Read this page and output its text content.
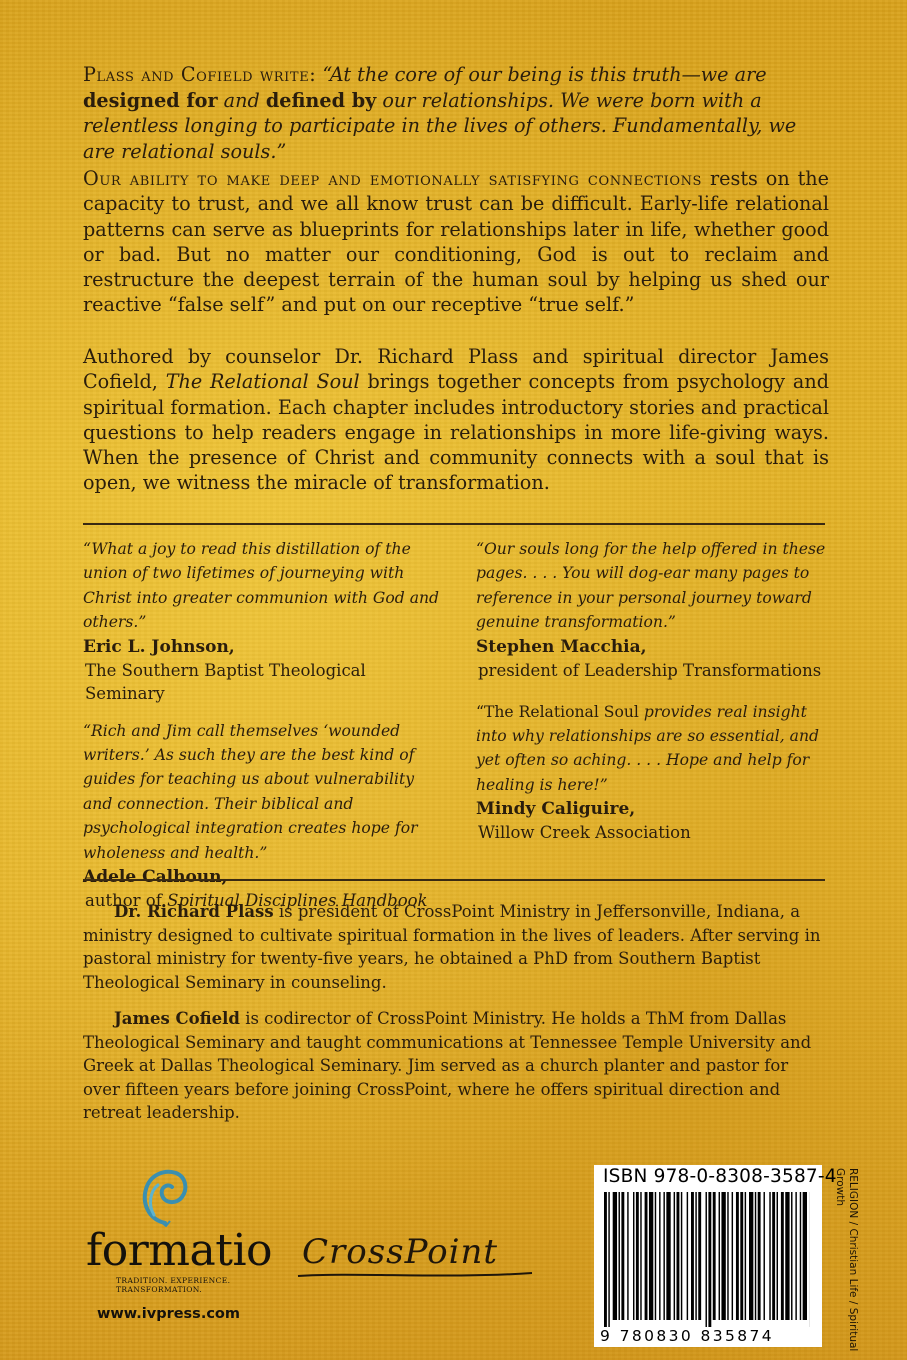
Plass and Cofield write: “At the core of our being is this truth—we are designed for and defined by our relationships. We were born with a relentless longing to participate in the lives of others. Fundamentally, we are relational souls.”

Our ability to make deep and emotionally satisfying connections rests on the capacity to trust, and we all know trust can be difficult. Early-life relational patterns can serve as blueprints for relationships later in life, whether good or bad. But no matter our conditioning, God is out to reclaim and restructure the deepest terrain of the human soul by helping us shed our reactive “false self” and put on our receptive “true self.”

Authored by counselor Dr. Richard Plass and spiritual director James Cofield, The Relational Soul brings together concepts from psychology and spiritual formation. Each chapter includes introductory stories and practical questions to help readers engage in relationships in more life-giving ways. When the presence of Christ and community connects with a soul that is open, we witness the miracle of transformation.

“What a joy to read this distillation of the union of two lifetimes of journeying with Christ into greater communion with God and others.”

Eric L. Johnson,
The Southern Baptist Theological Seminary

“Rich and Jim call themselves ‘wounded writers.’ As such they are the best kind of guides for teaching us about vulnerability and connection. Their biblical and psychological integration creates hope for wholeness and health.”

Adele Calhoun,
author of Spiritual Disciplines Handbook

“Our souls long for the help offered in these pages. . . . You will dog-ear many pages to reference in your personal journey toward genuine transformation.”

Stephen Macchia,
president of Leadership Transformations

“The Relational Soul provides real insight into why relationships are so essential, and yet often so aching. . . . Hope and help for healing is here!”

Mindy Caliguire,
Willow Creek Association

Dr. Richard Plass is president of CrossPoint Ministry in Jeffersonville, Indiana, a ministry designed to cultivate spiritual formation in the lives of leaders. After serving in pastoral ministry for twenty-five years, he obtained a PhD from Southern Baptist Theological Seminary in counseling.

James Cofield is codirector of CrossPoint Ministry. He holds a ThM from Dallas Theological Seminary and taught communications at Tennessee Temple University and Greek at Dallas Theological Seminary. Jim served as a church planter and pastor for over fifteen years before joining CrossPoint, where he offers spiritual direction and retreat leadership.

formatio
TRADITION. EXPERIENCE. TRANSFORMATION.
www.ivpress.com
CrossPoint
ISBN 978-0-8308-3587-4
9 780830 835874	RELIGION / Christian Life / Spiritual Growth
